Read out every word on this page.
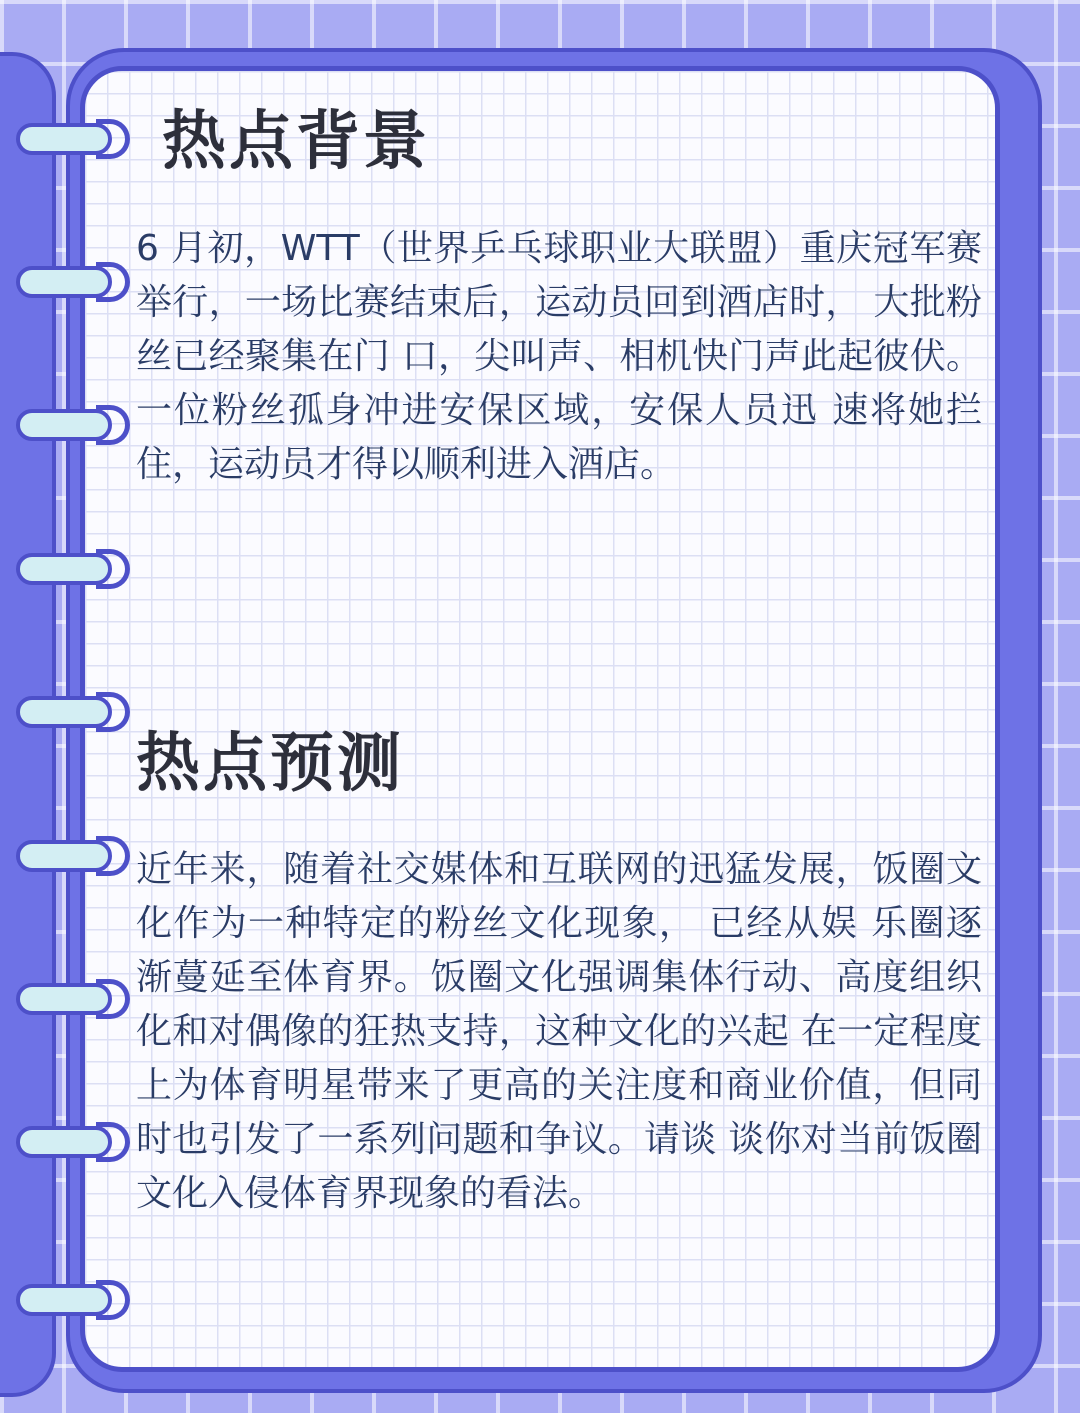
热点背景

6 月初，WTT（世界乒乓球职业大联盟）重庆冠军赛举行，一场比赛结束后，运动员回到酒店时， 大批粉丝已经聚集在门 口，尖叫声、相机快门声此起彼伏。一位粉丝孤身冲进安保区域，安保人员迅 速将她拦住，运动员才得以顺利进入酒店。

热点预测

近年来，随着社交媒体和互联网的迅猛发展，饭圈文化作为一种特定的粉丝文化现象， 已经从娱 乐圈逐渐蔓延至体育界。饭圈文化强调集体行动、高度组织化和对偶像的狂热支持，这种文化的兴起 在一定程度上为体育明星带来了更高的关注度和商业价值，但同时也引发了一系列问题和争议。请谈 谈你对当前饭圈文化入侵体育界现象的看法。
